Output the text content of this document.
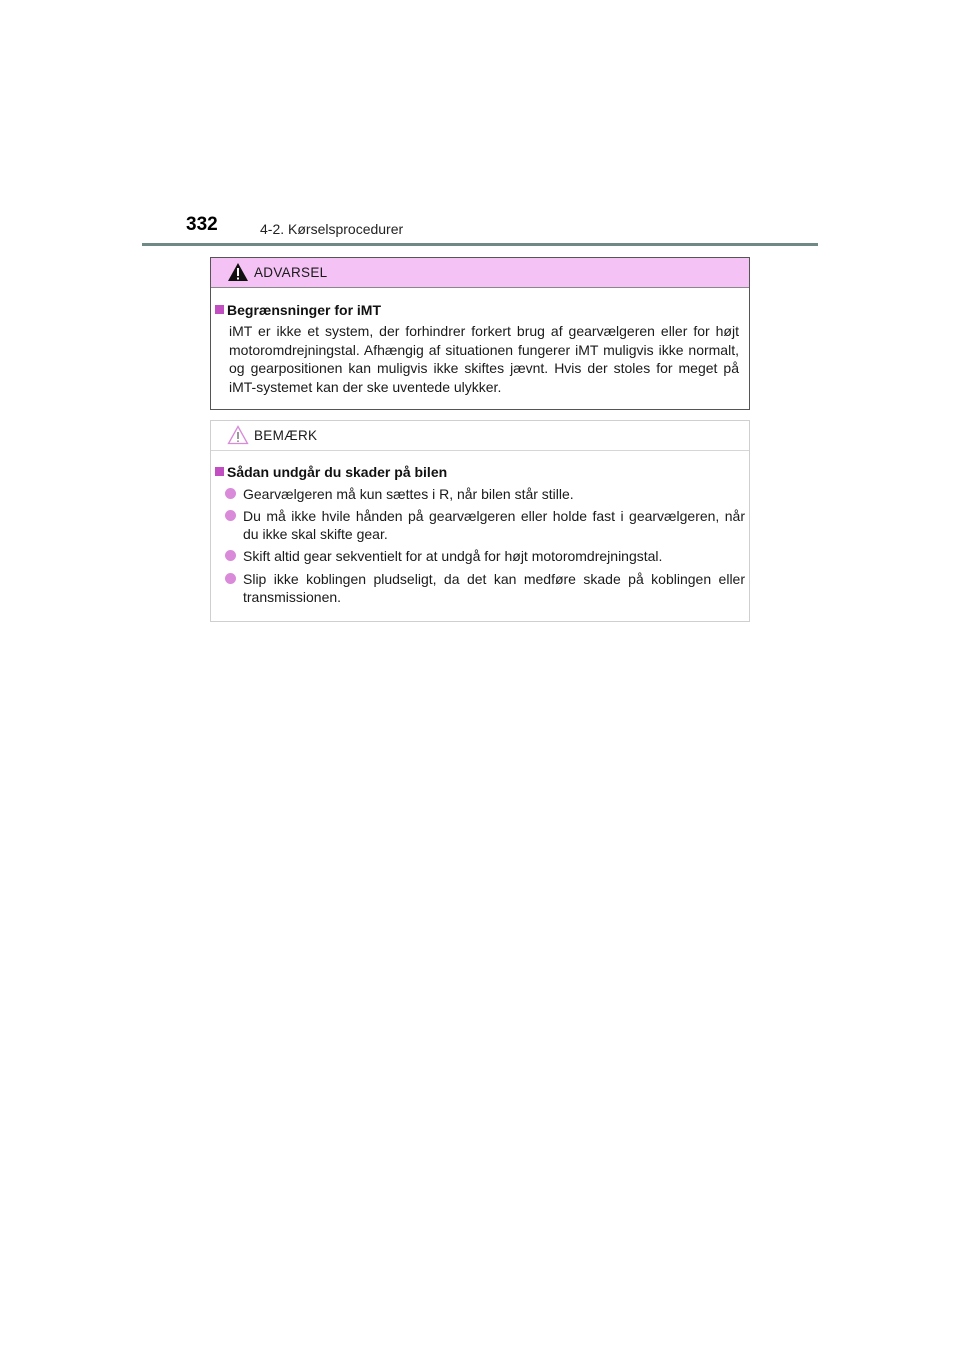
332	4-2. Kørselsprocedurer
ADVARSEL
Begrænsninger for iMT
iMT er ikke et system, der forhindrer forkert brug af gearvælgeren eller for højt motoromdrejningstal. Afhængig af situationen fungerer iMT muligvis ikke normalt, og gearpositionen kan muligvis ikke skiftes jævnt. Hvis der stoles for meget på iMT-systemet kan der ske uventede ulykker.
BEMÆRK
Sådan undgår du skader på bilen
Gearvælgeren må kun sættes i R, når bilen står stille.
Du må ikke hvile hånden på gearvælgeren eller holde fast i gearvælgeren, når du ikke skal skifte gear.
Skift altid gear sekventielt for at undgå for højt motoromdrejningstal.
Slip ikke koblingen pludseligt, da det kan medføre skade på koblingen eller transmissionen.
